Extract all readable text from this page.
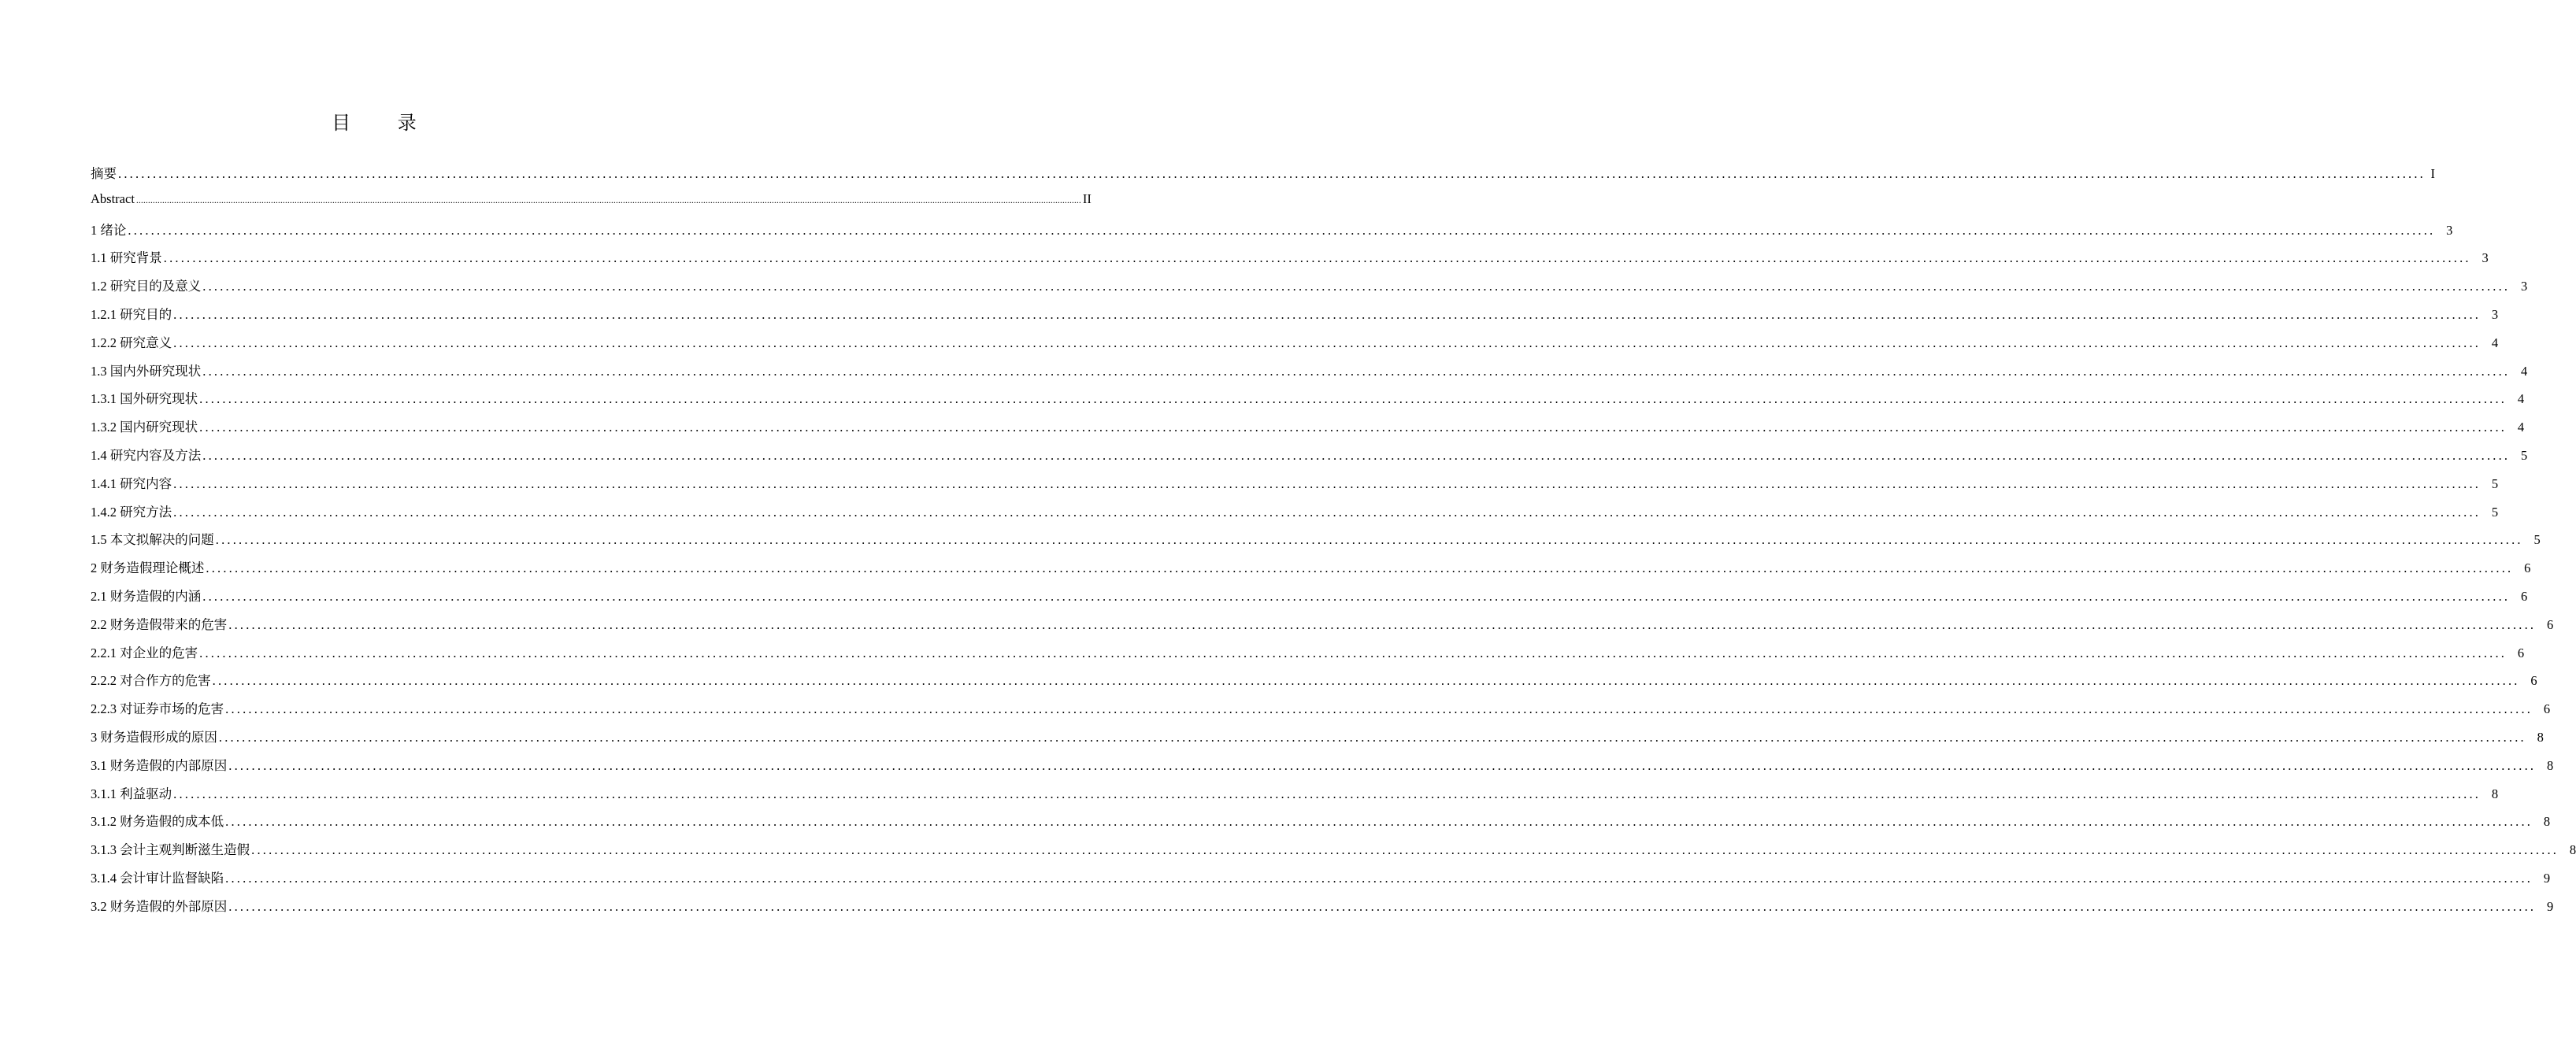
目 录
摘要 ................................................................................................................................................................................................................................................................................................................................................................................................................ I
Abstract ................................................................................................................................................................................................................................................................................................................................................................................................................ II
1 绪论 ................................................................................................................................................................................................................................................................................................................................................................................................................ 3
1.1 研究背景 ................................................................................................................................................................................................................................................................................................................................................................................................................ 3
1.2 研究目的及意义 ................................................................................................................................................................................................................................................................................................................................................................................................................ 3
1.2.1 研究目的 ................................................................................................................................................................................................................................................................................................................................................................................................................ 3
1.2.2 研究意义 ................................................................................................................................................................................................................................................................................................................................................................................................................ 4
1.3 国内外研究现状 ................................................................................................................................................................................................................................................................................................................................................................................................................ 4
1.3.1 国外研究现状 ................................................................................................................................................................................................................................................................................................................................................................................................................ 4
1.3.2 国内研究现状 ................................................................................................................................................................................................................................................................................................................................................................................................................ 4
1.4 研究内容及方法 ................................................................................................................................................................................................................................................................................................................................................................................................................ 5
1.4.1 研究内容 ................................................................................................................................................................................................................................................................................................................................................................................................................ 5
1.4.2 研究方法 ................................................................................................................................................................................................................................................................................................................................................................................................................ 5
1.5 本文拟解决的问题 ................................................................................................................................................................................................................................................................................................................................................................................................................ 5
2 财务造假理论概述 ................................................................................................................................................................................................................................................................................................................................................................................................................ 6
2.1 财务造假的内涵 ................................................................................................................................................................................................................................................................................................................................................................................................................ 6
2.2 财务造假带来的危害 ................................................................................................................................................................................................................................................................................................................................................................................................................ 6
2.2.1 对企业的危害 ................................................................................................................................................................................................................................................................................................................................................................................................................ 6
2.2.2 对合作方的危害 ................................................................................................................................................................................................................................................................................................................................................................................................................ 6
2.2.3 对证券市场的危害 ................................................................................................................................................................................................................................................................................................................................................................................................................ 6
3 财务造假形成的原因 ................................................................................................................................................................................................................................................................................................................................................................................................................ 8
3.1 财务造假的内部原因 ................................................................................................................................................................................................................................................................................................................................................................................................................ 8
3.1.1 利益驱动 ................................................................................................................................................................................................................................................................................................................................................................................................................ 8
3.1.2 财务造假的成本低 ................................................................................................................................................................................................................................................................................................................................................................................................................ 8
3.1.3 会计主观判断滋生造假 ................................................................................................................................................................................................................................................................................................................................................................................................................ 8
3.1.4 会计审计监督缺陷 ................................................................................................................................................................................................................................................................................................................................................................................................................ 9
3.2 财务造假的外部原因 ................................................................................................................................................................................................................................................................................................................................................................................................................ 9
